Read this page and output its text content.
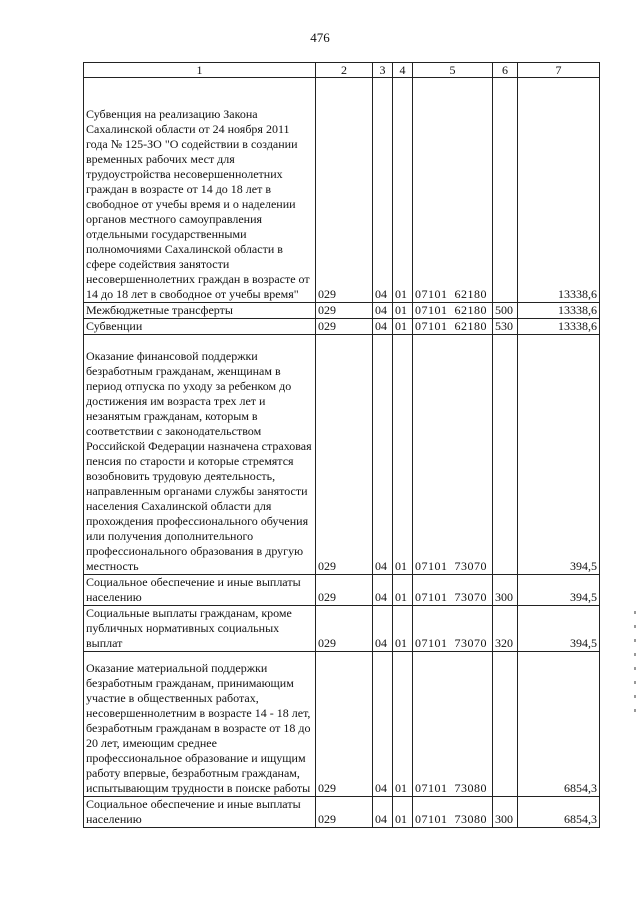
476
1	2	3	4	5	6	7
Субвенция на реализацию Закона Сахалинской области от 24 ноября 2011 года № 125-ЗО "О содействии в создании временных рабочих мест для трудоустройства несовершеннолетних граждан в возрасте от 14 до 18 лет в свободное от учебы время и о наделении органов местного самоуправления отдельными государственными полномочиями Сахалинской области в сфере содействия занятости несовершеннолетних граждан в возрасте от 14 до 18 лет в свободное от учебы время"	029	04	01	07101  62180		13338,6
Межбюджетные трансферты	029	04	01	07101  62180	500	13338,6
Субвенции	029	04	01	07101  62180	530	13338,6
Оказание финансовой поддержки безработным гражданам, женщинам в период отпуска по уходу за ребенком до достижения им возраста трех лет и незанятым гражданам, которым в соответствии с законодательством Российской Федерации назначена страховая пенсия по старости и которые стремятся возобновить трудовую деятельность, направленным органами службы занятости населения Сахалинской области для прохождения профессионального обучения или получения дополнительного профессионального образования в другую местность	029	04	01	07101  73070		394,5
Социальное обеспечение и иные выплаты населению	029	04	01	07101  73070	300	394,5
Социальные выплаты гражданам, кроме публичных нормативных социальных выплат	029	04	01	07101  73070	320	394,5
Оказание материальной поддержки безработным гражданам, принимающим участие в общественных работах, несовершеннолетним в возрасте 14 - 18 лет, безработным гражданам в возрасте от 18 до 20 лет, имеющим среднее профессиональное образование и ищущим работу впервые, безработным гражданам, испытывающим трудности в поиске работы	029	04	01	07101  73080		6854,3
Социальное обеспечение и иные выплаты населению	029	04	01	07101  73080	300	6854,3
